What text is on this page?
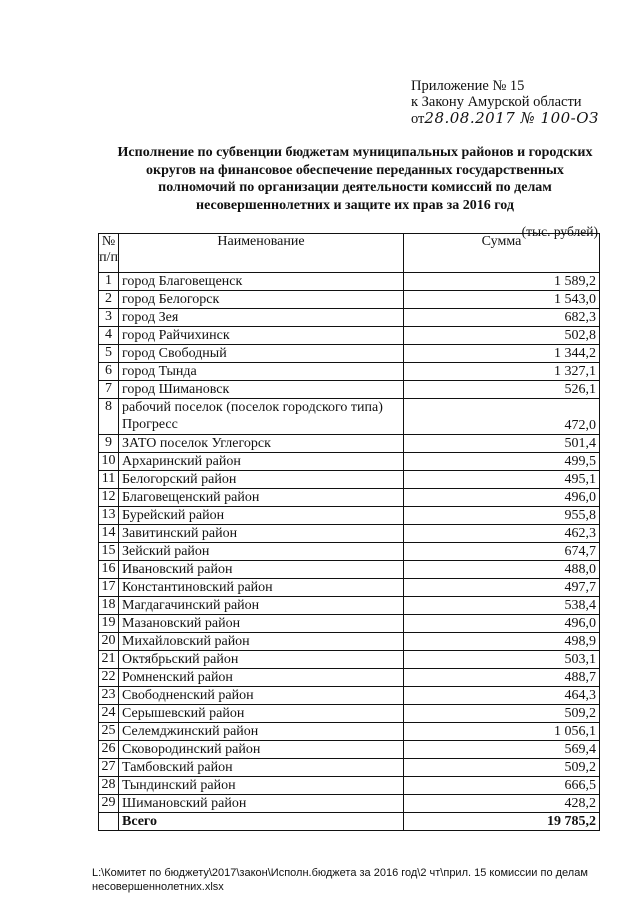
Приложение № 15
к Закону Амурской области
от28.08.2017 № 100-ОЗ
Исполнение по субвенции бюджетам муниципальных районов и городских округов на финансовое обеспечение переданных государственных полномочий по организации деятельности комиссий по делам несовершеннолетних и защите их прав за 2016 год
(тыс. рублей)
№ п/п	Наименование	Сумма
1	город Благовещенск	1 589,2
2	город Белогорск	1 543,0
3	город Зея	682,3
4	город Райчихинск	502,8
5	город Свободный	1 344,2
6	город Тында	1 327,1
7	город Шимановск	526,1
8	рабочий поселок (поселок городского типа) Прогресс	472,0
9	ЗАТО поселок Углегорск	501,4
10	Архаринский район	499,5
11	Белогорский район	495,1
12	Благовещенский район	496,0
13	Бурейский район	955,8
14	Завитинский район	462,3
15	Зейский район	674,7
16	Ивановский район	488,0
17	Константиновский район	497,7
18	Магдагачинский район	538,4
19	Мазановский район	496,0
20	Михайловский район	498,9
21	Октябрьский район	503,1
22	Ромненский район	488,7
23	Свободненский район	464,3
24	Серышевский район	509,2
25	Селемджинский район	1 056,1
26	Сковородинский район	569,4
27	Тамбовский район	509,2
28	Тындинский район	666,5
29	Шимановский район	428,2
	Всего	19 785,2
L:\Комитет по бюджету\2017\закон\Исполн.бюджета за 2016 год\2 чт\прил. 15 комиссии по делам несовершеннолетних.xlsx
